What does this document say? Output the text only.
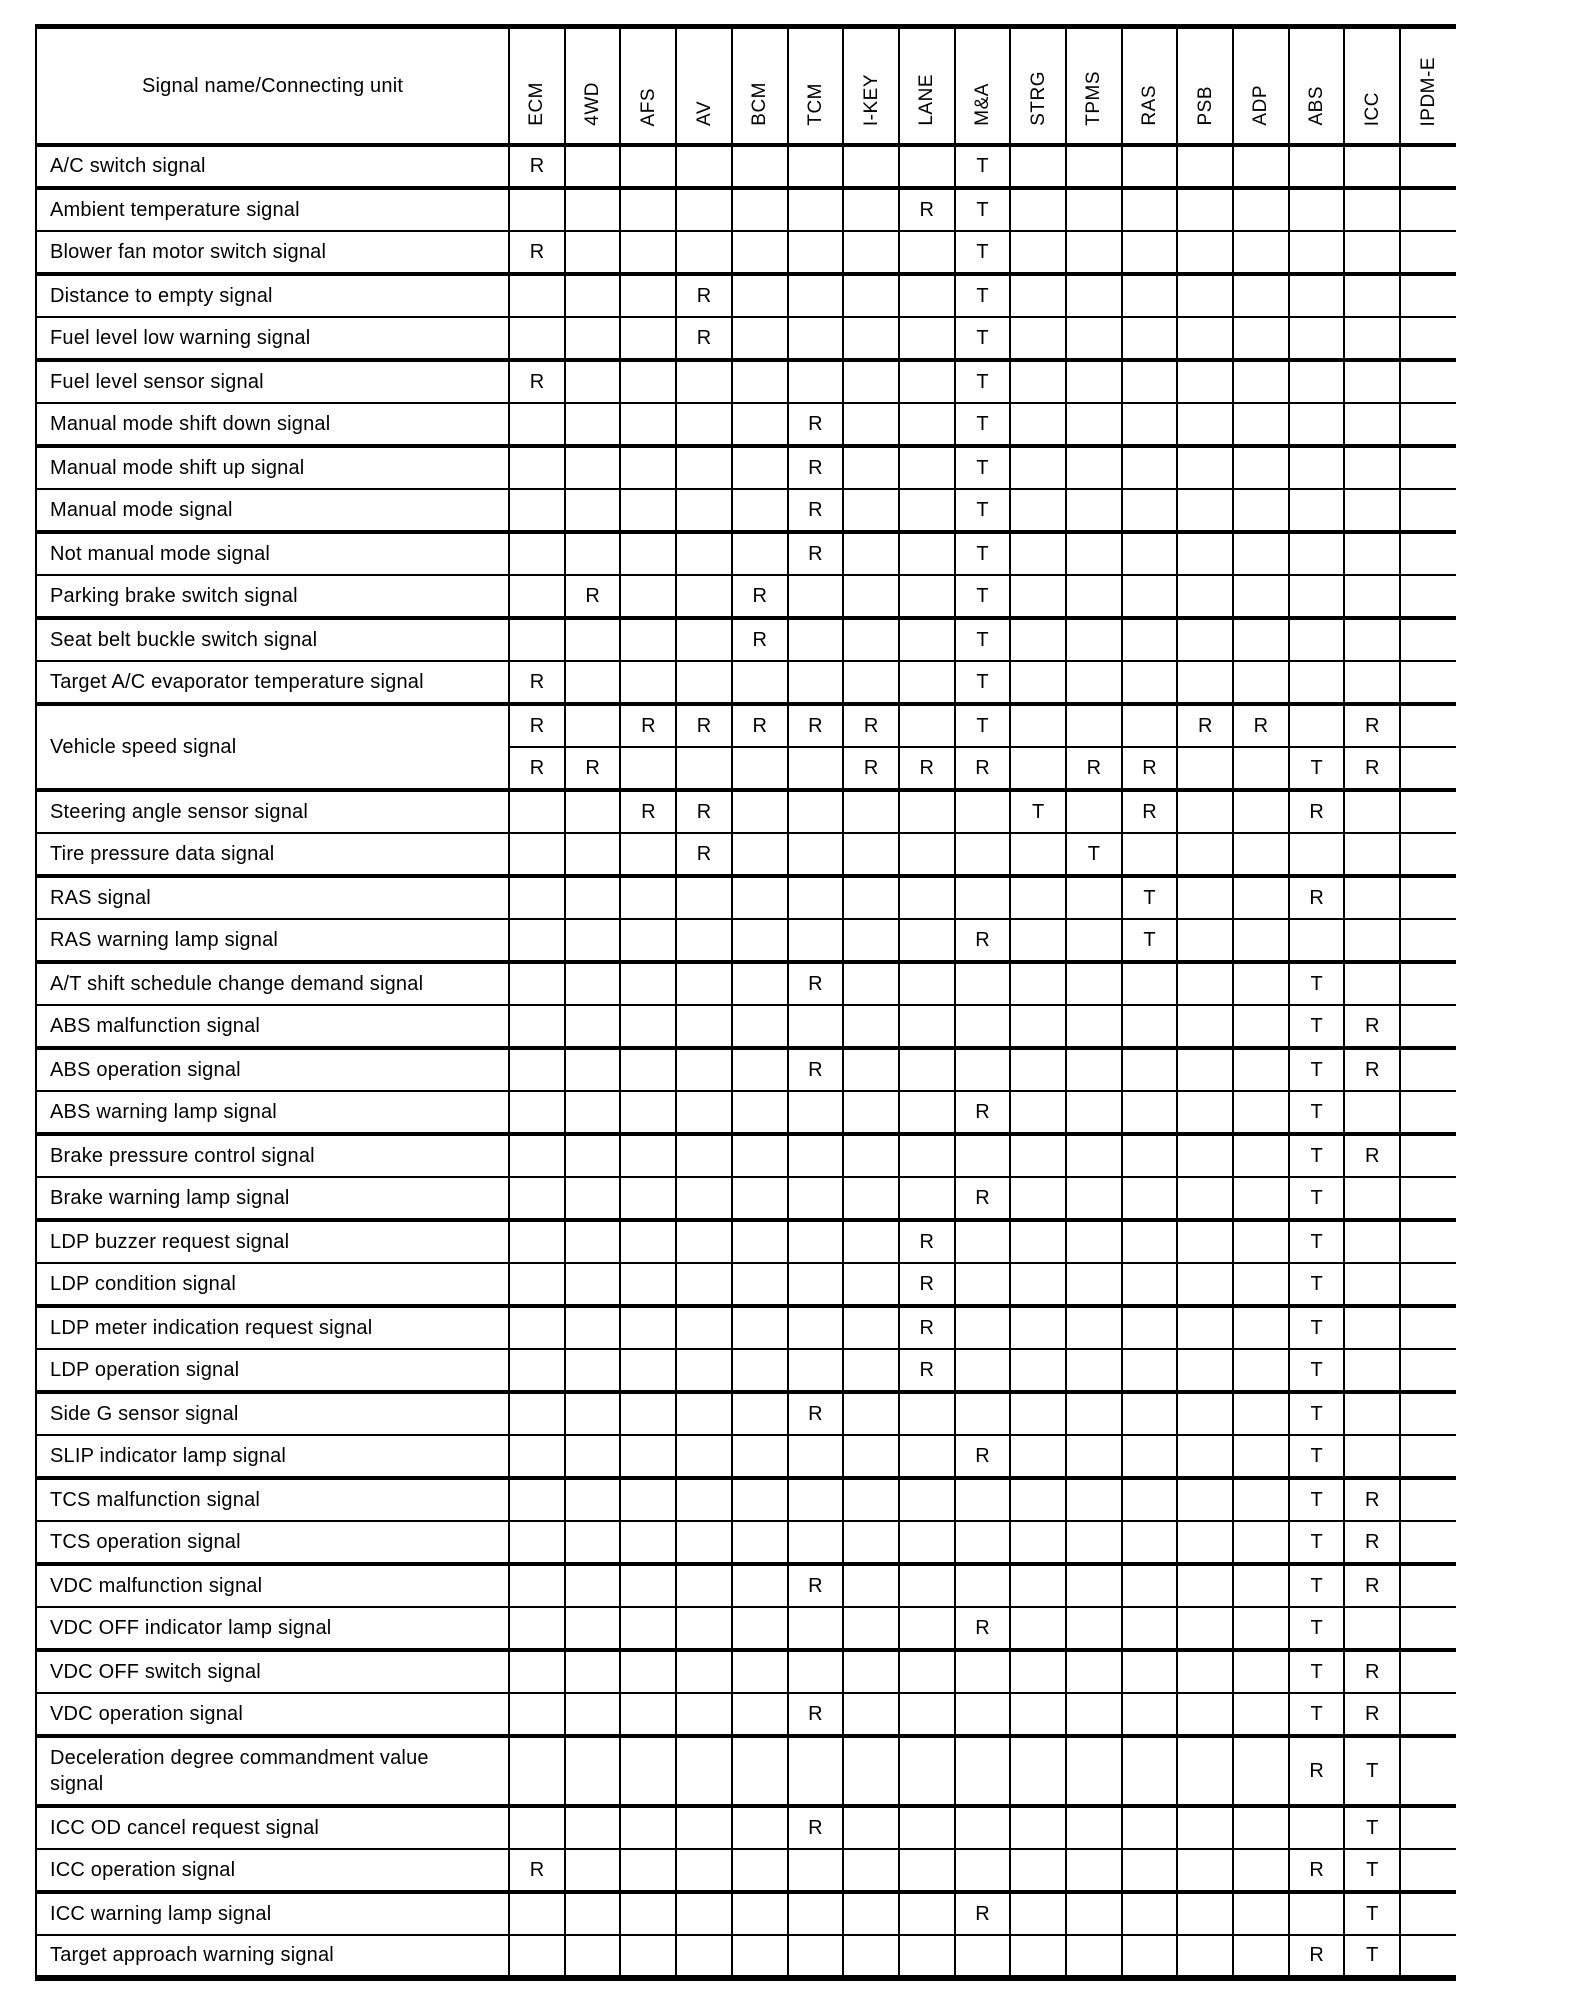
Signal name/Connecting unit	ECM	4WD	AFS	AV	BCM	TCM	I-KEY	LANE	M&A	STRG	TPMS	RAS	PSB	ADP	ABS	ICC	IPDM-E
A/C switch signal	R								T								
Ambient temperature signal								R	T								
Blower fan motor switch signal	R								T								
Distance to empty signal				R					T								
Fuel level low warning signal				R					T								
Fuel level sensor signal	R								T								
Manual mode shift down signal						R			T								
Manual mode shift up signal						R			T								
Manual mode signal						R			T								
Not manual mode signal						R			T								
Parking brake switch signal		R			R				T								
Seat belt buckle switch signal					R				T								
Target A/C evaporator temperature signal	R								T								
Vehicle speed signal	R		R	R	R	R	R		T				R	R		R	
	R	R					R	R	R		R	R			T	R	
Steering angle sensor signal			R	R						T		R			R		
Tire pressure data signal				R							T						
RAS signal												T			R		
RAS warning lamp signal									R			T					
A/T shift schedule change demand signal						R									T		
ABS malfunction signal															T	R	
ABS operation signal						R									T	R	
ABS warning lamp signal									R						T		
Brake pressure control signal															T	R	
Brake warning lamp signal									R						T		
LDP buzzer request signal								R							T		
LDP condition signal								R							T		
LDP meter indication request signal								R							T		
LDP operation signal								R							T		
Side G sensor signal						R									T		
SLIP indicator lamp signal									R						T		
TCS malfunction signal															T	R	
TCS operation signal															T	R	
VDC malfunction signal						R									T	R	
VDC OFF indicator lamp signal									R						T		
VDC OFF switch signal															T	R	
VDC operation signal						R									T	R	
Deceleration degree commandment value signal															R	T	
ICC OD cancel request signal						R										T	
ICC operation signal	R														R	T	
ICC warning lamp signal									R							T	
Target approach warning signal															R	T	
